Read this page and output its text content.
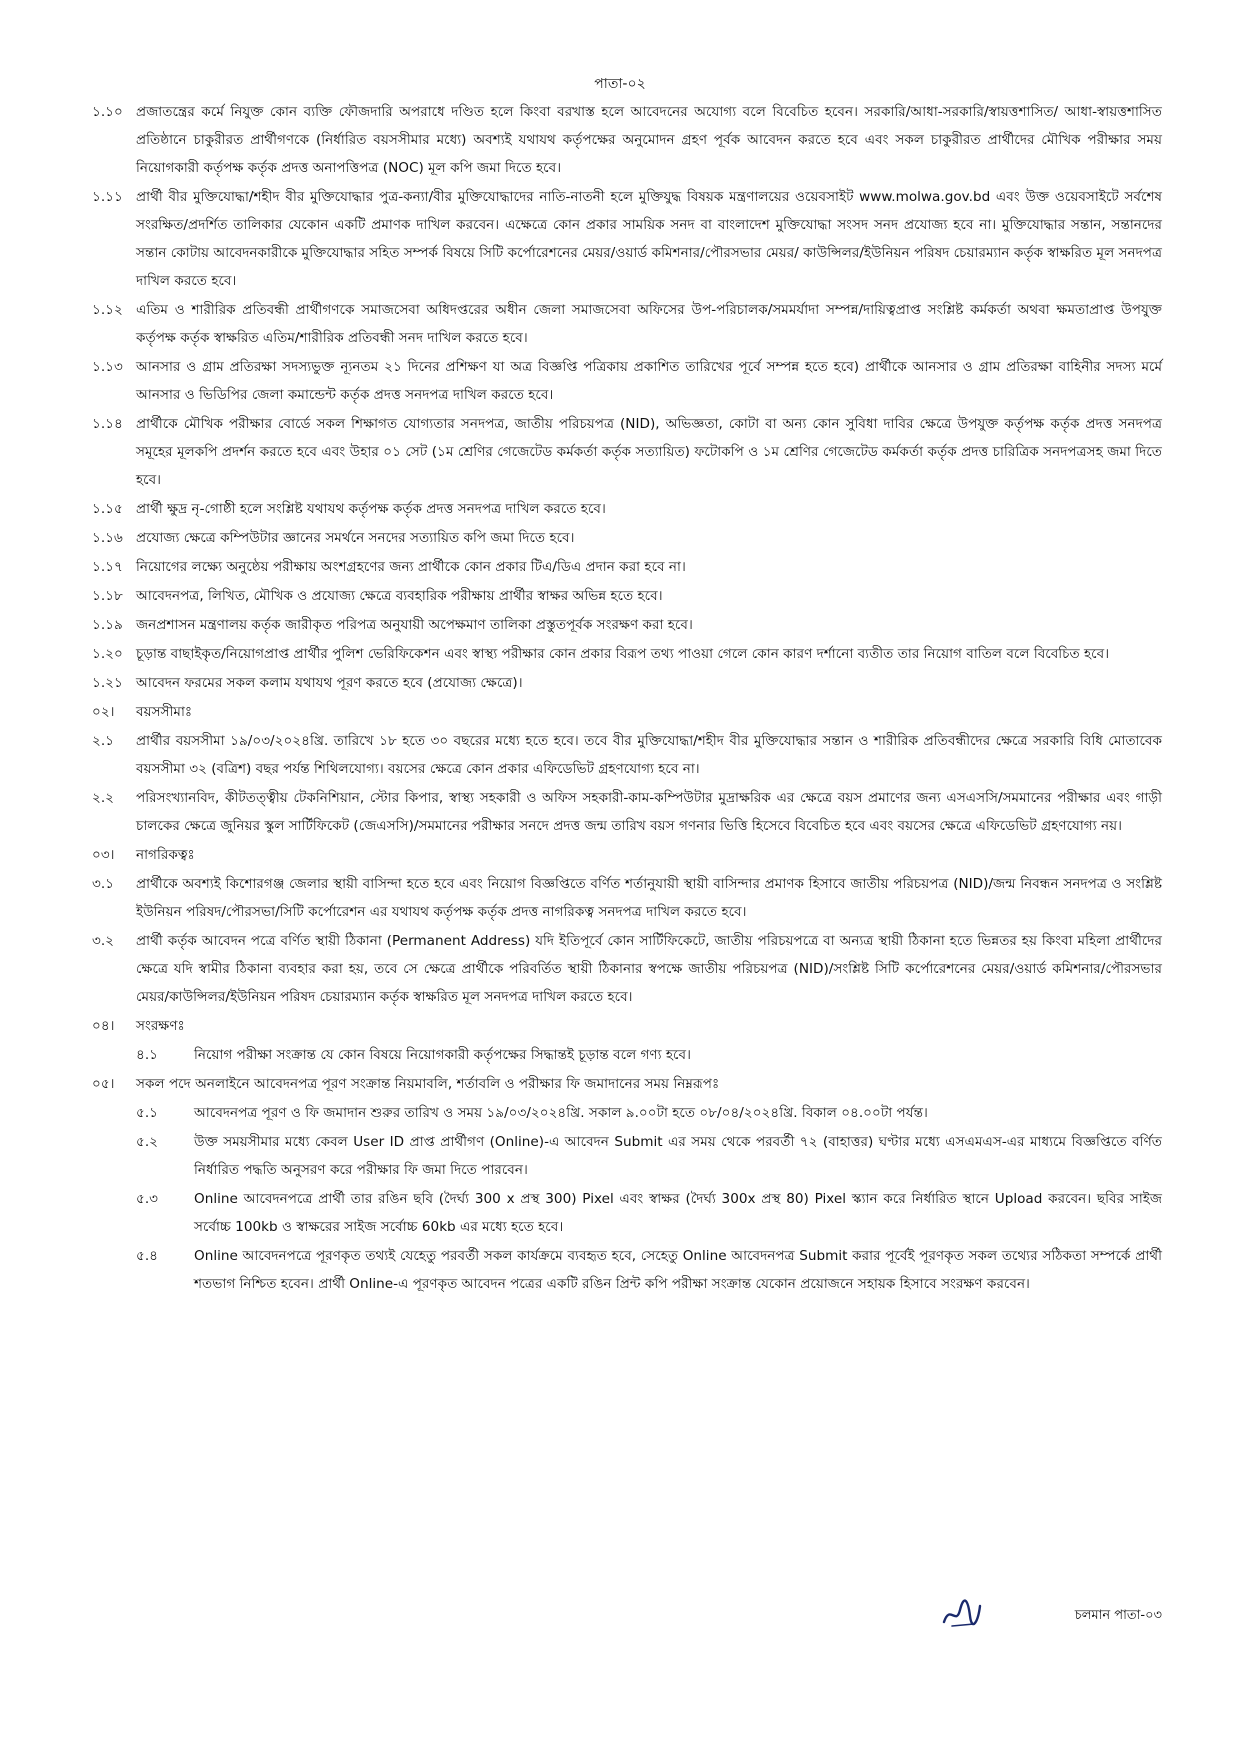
পাতা-০২
১.১০ প্রজাতন্ত্রের কর্মে নিযুক্ত কোন ব্যক্তি ফৌজদারি অপরাধে দণ্ডিত হলে কিংবা বরখাস্ত হলে আবেদনের অযোগ্য বলে বিবেচিত হবেন। সরকারি/আধা-সরকারি/স্বায়ত্তশাসিত/ আধা-স্বায়ত্তশাসিত প্রতিষ্ঠানে চাকুরীরত প্রার্থীগণকে (নির্ধারিত বয়সসীমার মধ্যে) অবশ্যই যথাযথ কর্তৃপক্ষের অনুমোদন গ্রহণ পূর্বক আবেদন করতে হবে এবং সকল চাকুরীরত প্রার্থীদের মৌখিক পরীক্ষার সময় নিয়োগকারী কর্তৃপক্ষ কর্তৃক প্রদত্ত অনাপত্তিপত্র (NOC) মূল কপি জমা দিতে হবে।
১.১১ প্রার্থী বীর মুক্তিযোদ্ধা/শহীদ বীর মুক্তিযোদ্ধার পুত্র-কন্যা/বীর মুক্তিযোদ্ধাদের নাতি-নাতনী হলে মুক্তিযুদ্ধ বিষয়ক মন্ত্রণালয়ের ওয়েবসাইট www.molwa.gov.bd এবং উক্ত ওয়েবসাইটে সর্বশেষ সংরক্ষিত/প্রদর্শিত তালিকার যেকোন একটি প্রমাণক দাখিল করবেন। এক্ষেত্রে কোন প্রকার সাময়িক সনদ বা বাংলাদেশ মুক্তিযোদ্ধা সংসদ সনদ প্রযোজ্য হবে না। মুক্তিযোদ্ধার সন্তান, সন্তানদের সন্তান কোটায় আবেদনকারীকে মুক্তিযোদ্ধার সহিত সম্পর্ক বিষয়ে সিটি কর্পোরেশনের মেয়র/ওয়ার্ড কমিশনার/পৌরসভার মেয়র/ কাউন্সিলর/ইউনিয়ন পরিষদ চেয়ারম্যান কর্তৃক স্বাক্ষরিত মূল সনদপত্র দাখিল করতে হবে।
১.১২ এতিম ও শারীরিক প্রতিবন্ধী প্রার্থীগণকে সমাজসেবা অধিদপ্তরের অধীন জেলা সমাজসেবা অফিসের উপ-পরিচালক/সমমর্যাদা সম্পন্ন/দায়িত্বপ্রাপ্ত সংশ্লিষ্ট কর্মকর্তা অথবা ক্ষমতাপ্রাপ্ত উপযুক্ত কর্তৃপক্ষ কর্তৃক স্বাক্ষরিত এতিম/শারীরিক প্রতিবন্ধী সনদ দাখিল করতে হবে।
১.১৩ আনসার ও গ্রাম প্রতিরক্ষা সদস্যভুক্ত ন্যূনতম ২১ দিনের প্রশিক্ষণ যা অত্র বিজ্ঞপ্তি পত্রিকায় প্রকাশিত তারিখের পূর্বে সম্পন্ন হতে হবে) প্রার্থীকে আনসার ও গ্রাম প্রতিরক্ষা বাহিনীর সদস্য মর্মে আনসার ও ভিডিপির জেলা কমান্ডেন্ট কর্তৃক প্রদত্ত সনদপত্র দাখিল করতে হবে।
১.১৪ প্রার্থীকে মৌখিক পরীক্ষার বোর্ডে সকল শিক্ষাগত যোগ্যতার সনদপত্র, জাতীয় পরিচয়পত্র (NID), অভিজ্ঞতা, কোটা বা অন্য কোন সুবিধা দাবির ক্ষেত্রে উপযুক্ত কর্তৃপক্ষ কর্তৃক প্রদত্ত সনদপত্র সমূহের মূলকপি প্রদর্শন করতে হবে এবং উহার ০১ সেট (১ম শ্রেণির গেজেটেড কর্মকর্তা কর্তৃক সত্যায়িত) ফটোকপি ও ১ম শ্রেণির গেজেটেড কর্মকর্তা কর্তৃক প্রদত্ত চারিত্রিক সনদপত্রসহ জমা দিতে হবে।
১.১৫ প্রার্থী ক্ষুদ্র নৃ-গোষ্ঠী হলে সংশ্লিষ্ট যথাযথ কর্তৃপক্ষ কর্তৃক প্রদত্ত সনদপত্র দাখিল করতে হবে।
১.১৬ প্রযোজ্য ক্ষেত্রে কম্পিউটার জ্ঞানের সমর্থনে সনদের সত্যায়িত কপি জমা দিতে হবে।
১.১৭ নিয়োগের লক্ষ্যে অনুষ্ঠেয় পরীক্ষায় অংশগ্রহণের জন্য প্রার্থীকে কোন প্রকার টিএ/ডিএ প্রদান করা হবে না।
১.১৮ আবেদনপত্র, লিখিত, মৌখিক ও প্রযোজ্য ক্ষেত্রে ব্যবহারিক পরীক্ষায় প্রার্থীর স্বাক্ষর অভিন্ন হতে হবে।
১.১৯ জনপ্রশাসন মন্ত্রণালয় কর্তৃক জারীকৃত পরিপত্র অনুযায়ী অপেক্ষমাণ তালিকা প্রস্তুতপূর্বক সংরক্ষণ করা হবে।
১.২০ চূড়ান্ত বাছাইকৃত/নিয়োগপ্রাপ্ত প্রার্থীর পুলিশ ভেরিফিকেশন এবং স্বাস্থ্য পরীক্ষার কোন প্রকার বিরূপ তথ্য পাওয়া গেলে কোন কারণ দর্শানো ব্যতীত তার নিয়োগ বাতিল বলে বিবেচিত হবে।
১.২১ আবেদন ফরমের সকল কলাম যথাযথ পূরণ করতে হবে (প্রযোজ্য ক্ষেত্রে)।
০২।	বয়সসীমাঃ
২.১	প্রার্থীর বয়সসীমা ১৯/০৩/২০২৪খ্রি. তারিখে ১৮ হতে ৩০ বছরের মধ্যে হতে হবে। তবে বীর মুক্তিযোদ্ধা/শহীদ বীর মুক্তিযোদ্ধার সন্তান ও শারীরিক প্রতিবন্ধীদের ক্ষেত্রে সরকারি বিধি মোতাবেক বয়সসীমা ৩২ (বত্রিশ) বছর পর্যন্ত শিথিলযোগ্য। বয়সের ক্ষেত্রে কোন প্রকার এফিডেভিট গ্রহণযোগ্য হবে না।
২.২	পরিসংখ্যানবিদ, কীটতত্ত্বীয় টেকনিশিয়ান, স্টোর কিপার, স্বাস্থ্য সহকারী ও অফিস সহকারী-কাম-কম্পিউটার মুদ্রাক্ষরিক এর ক্ষেত্রে বয়স প্রমাণের জন্য এসএসসি/সমমানের পরীক্ষার এবং গাড়ী চালকের ক্ষেত্রে জুনিয়র স্কুল সার্টিফিকেট (জেএসসি)/সমমানের পরীক্ষার সনদে প্রদত্ত জন্ম তারিখ বয়স গণনার ভিত্তি হিসেবে বিবেচিত হবে এবং বয়সের ক্ষেত্রে এফিডেভিট গ্রহণযোগ্য নয়।
০৩।	নাগরিকত্বঃ
৩.১	প্রার্থীকে অবশ্যই কিশোরগঞ্জ জেলার স্থায়ী বাসিন্দা হতে হবে এবং নিয়োগ বিজ্ঞপ্তিতে বর্ণিত শর্তানুযায়ী স্থায়ী বাসিন্দার প্রমাণক হিসাবে জাতীয় পরিচয়পত্র (NID)/জন্ম নিবন্ধন সনদপত্র ও সংশ্লিষ্ট ইউনিয়ন পরিষদ/পৌরসভা/সিটি কর্পোরেশন এর যথাযথ কর্তৃপক্ষ কর্তৃক প্রদত্ত নাগরিকত্ব সনদপত্র দাখিল করতে হবে।
৩.২	প্রার্থী কর্তৃক আবেদন পত্রে বর্ণিত স্থায়ী ঠিকানা (Permanent Address) যদি ইতিপূর্বে কোন সার্টিফিকেটে, জাতীয় পরিচয়পত্রে বা অন্যত্র স্থায়ী ঠিকানা হতে ভিন্নতর হয় কিংবা মহিলা প্রার্থীদের ক্ষেত্রে যদি স্বামীর ঠিকানা ব্যবহার করা হয়, তবে সে ক্ষেত্রে প্রার্থীকে পরিবর্তিত স্থায়ী ঠিকানার স্বপক্ষে জাতীয় পরিচয়পত্র (NID)/সংশ্লিষ্ট সিটি কর্পোরেশনের মেয়র/ওয়ার্ড কমিশনার/পৌরসভার মেয়র/কাউন্সিলর/ইউনিয়ন পরিষদ চেয়ারম্যান কর্তৃক স্বাক্ষরিত মূল সনদপত্র দাখিল করতে হবে।
০৪।	সংরক্ষণঃ
৪.১	নিয়োগ পরীক্ষা সংক্রান্ত যে কোন বিষয়ে নিয়োগকারী কর্তৃপক্ষের সিদ্ধান্তই চূড়ান্ত বলে গণ্য হবে।
০৫।	সকল পদে অনলাইনে আবেদনপত্র পূরণ সংক্রান্ত নিয়মাবলি, শর্তাবলি ও পরীক্ষার ফি জমাদানের সময় নিম্নরূপঃ
৫.১	আবেদনপত্র পূরণ ও ফি জমাদান শুরুর তারিখ ও সময় ১৯/০৩/২০২৪খ্রি. সকাল ৯.০০টা হতে ০৮/০৪/২০২৪খ্রি. বিকাল ০৪.০০টা পর্যন্ত।
৫.২	উক্ত সময়সীমার মধ্যে কেবল User ID প্রাপ্ত প্রার্থীগণ (Online)-এ আবেদন Submit এর সময় থেকে পরবর্তী ৭২ (বাহাত্তর) ঘণ্টার মধ্যে এসএমএস-এর মাধ্যমে বিজ্ঞপ্তিতে বর্ণিত নির্ধারিত পদ্ধতি অনুসরণ করে পরীক্ষার ফি জমা দিতে পারবেন।
৫.৩	Online আবেদনপত্রে প্রার্থী তার রঙিন ছবি (দৈর্ঘ্য 300 x প্রস্থ 300) Pixel এবং স্বাক্ষর (দৈর্ঘ্য 300x প্রস্থ 80) Pixel স্ক্যান করে নির্ধারিত স্থানে Upload করবেন। ছবির সাইজ সর্বোচ্চ 100kb ও স্বাক্ষরের সাইজ সর্বোচ্চ 60kb এর মধ্যে হতে হবে।
৫.৪	Online আবেদনপত্রে পূরণকৃত তথ্যই যেহেতু পরবর্তী সকল কার্যক্রমে ব্যবহৃত হবে, সেহেতু Online আবেদনপত্র Submit করার পূর্বেই পূরণকৃত সকল তথ্যের সঠিকতা সম্পর্কে প্রার্থী শতভাগ নিশ্চিত হবেন। প্রার্থী Online-এ পূরণকৃত আবেদন পত্রের একটি রঙিন প্রিন্ট কপি পরীক্ষা সংক্রান্ত যেকোন প্রয়োজনে সহায়ক হিসাবে সংরক্ষণ করবেন।
চলমান পাতা-০৩
